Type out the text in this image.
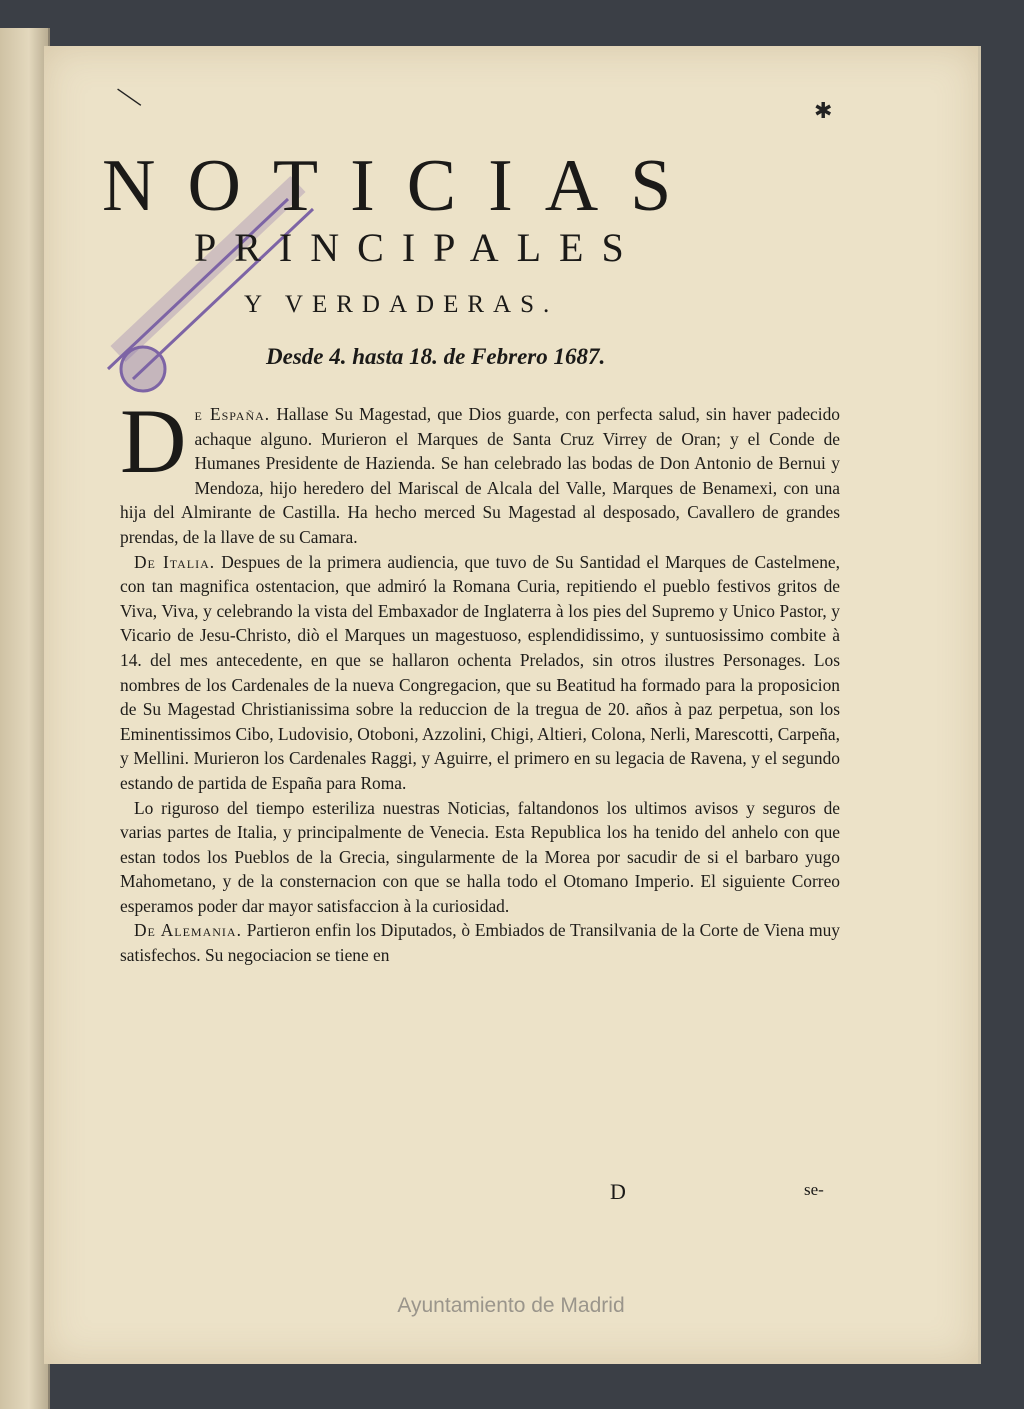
—	✱
NOTICIAS
PRINCIPALES
Y VERDADERAS.
Desde 4. hasta 18. de Febrero 1687.

De España. Hallase Su Magestad, que Dios guarde, con perfecta salud, sin haver padecido achaque alguno. Murieron el Marques de Santa Cruz Virrey de Oran; y el Conde de Humanes Presidente de Hazienda. Se han celebrado las bodas de Don Antonio de Bernui y Mendoza, hijo heredero del Mariscal de Alcala del Valle, Marques de Benamexi, con una hija del Almirante de Castilla. Ha hecho merced Su Magestad al desposado, Cavallero de grandes prendas, de la llave de su Camara.

De Italia. Despues de la primera audiencia, que tuvo de Su Santidad el Marques de Castelmene, con tan magnifica ostentacion, que admiró la Romana Curia, repitiendo el pueblo festivos gritos de Viva, Viva, y celebrando la vista del Embaxador de Inglaterra à los pies del Supremo y Unico Pastor, y Vicario de Jesu-Christo, diò el Marques un magestuoso, esplendidissimo, y suntuosissimo combite à 14. del mes antecedente, en que se hallaron ochenta Prelados, sin otros ilustres Personages. Los nombres de los Cardenales de la nueva Congregacion, que su Beatitud ha formado para la proposicion de Su Magestad Christianissima sobre la reduccion de la tregua de 20. años à paz perpetua, son los Eminentissimos Cibo, Ludovisio, Otoboni, Azzolini, Chigi, Altieri, Colona, Nerli, Marescotti, Carpeña, y Mellini. Murieron los Cardenales Raggi, y Aguirre, el primero en su legacia de Ravena, y el segundo estando de partida de España para Roma.

Lo riguroso del tiempo esteriliza nuestras Noticias, faltandonos los ultimos avisos y seguros de varias partes de Italia, y principalmente de Venecia. Esta Republica los ha tenido del anhelo con que estan todos los Pueblos de la Grecia, singularmente de la Morea por sacudir de si el barbaro yugo Mahometano, y de la consternacion con que se halla todo el Otomano Imperio. El siguiente Correo esperamos poder dar mayor satisfaccion à la curiosidad.

De Alemania. Partieron enfin los Diputados, ò Embiados de Transilvania de la Corte de Viena muy satisfechos. Su negociacion se tiene en

D	se-
Ayuntamiento de Madrid
